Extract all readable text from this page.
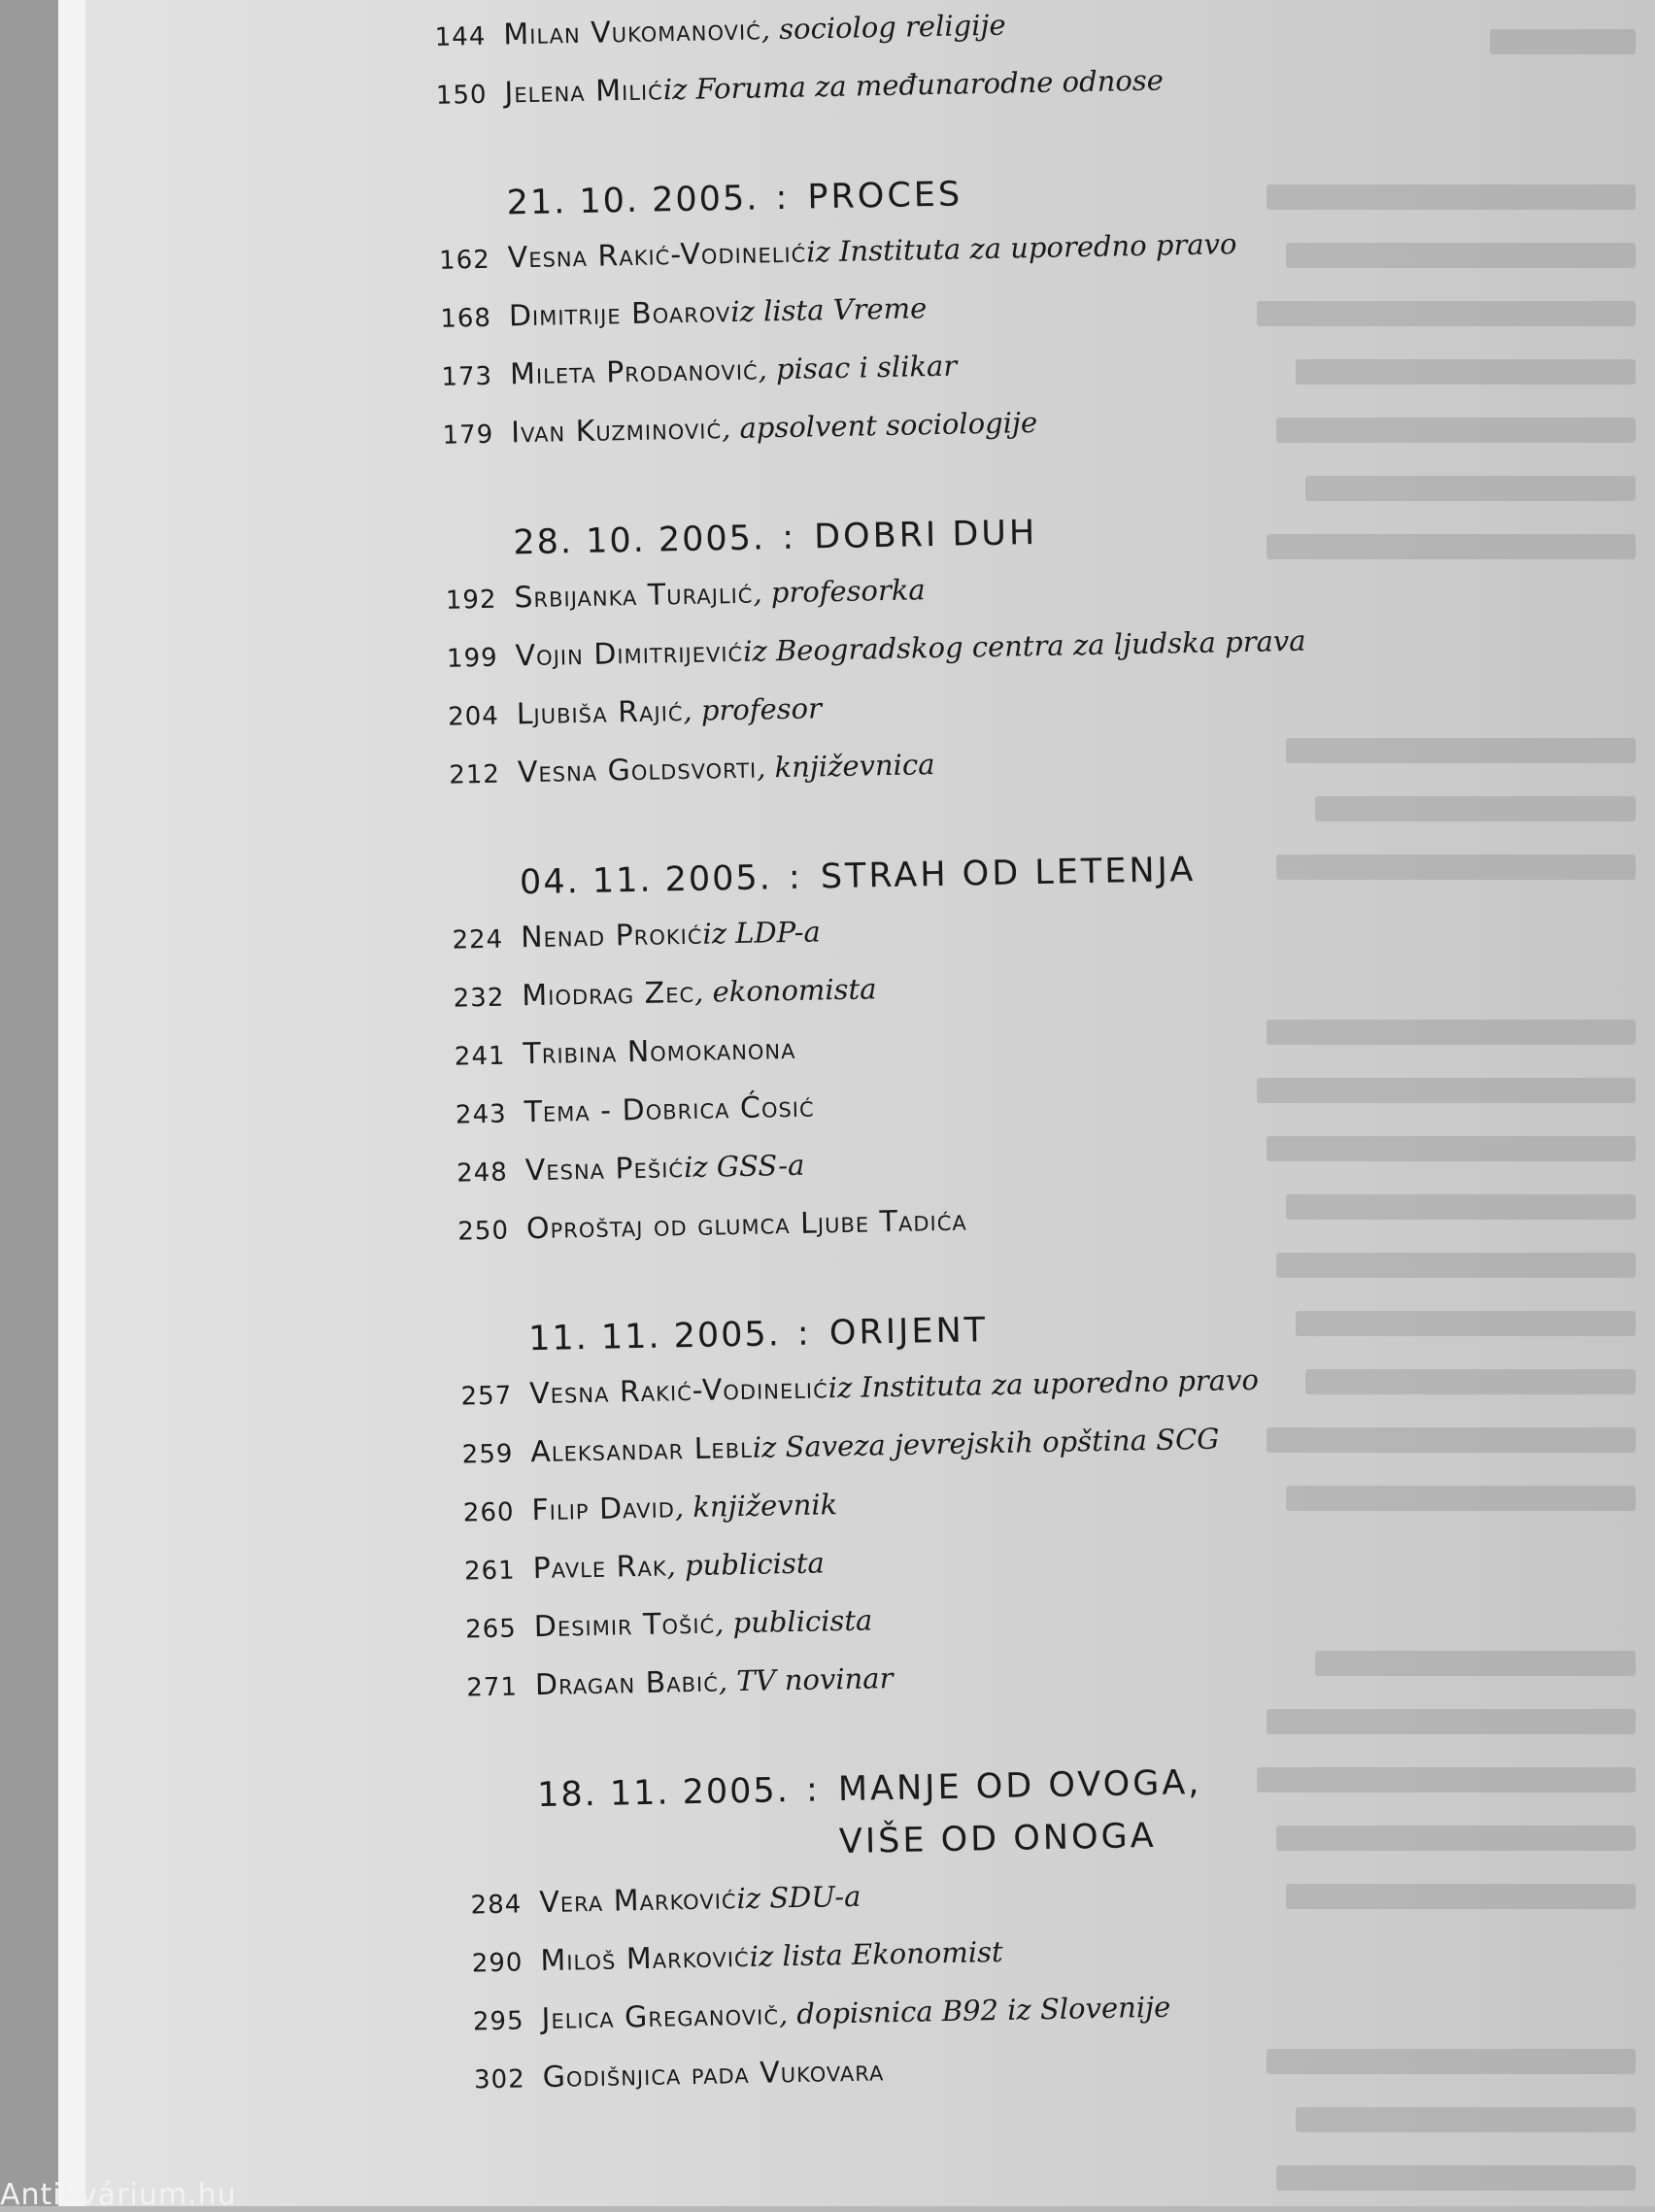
144 Milan Vukomanović , sociolog religije
150 Jelena Milić iz Foruma za međunarodne odnose
21. 10. 2005. : PROCES
162 Vesna Rakić-Vodinelić iz Instituta za uporedno pravo
168 Dimitrije Boarov iz lista Vreme
173 Mileta Prodanović , pisac i slikar
179 Ivan Kuzminović , apsolvent sociologije
28. 10. 2005. : DOBRI DUH
192 Srbijanka Turajlić , profesorka
199 Vojin Dimitrijević iz Beogradskog centra za ljudska prava
204 Ljubiša Rajić , profesor
212 Vesna Goldsvorti , književnica
04. 11. 2005. : STRAH OD LETENJA
224 Nenad Prokić iz LDP-a
232 Miodrag Zec , ekonomista
241 Tribina Nomokanona
243 Tema - Dobrica Ćosić
248 Vesna Pešić iz GSS-a
250 Oproštaj od glumca Ljube Tadića
11. 11. 2005. : ORIJENT
257 Vesna Rakić-Vodinelić iz Instituta za uporedno pravo
259 Aleksandar Lebl iz Saveza jevrejskih opština SCG
260 Filip David , književnik
261 Pavle Rak , publicista
265 Desimir Tošić , publicista
271 Dragan Babić , TV novinar
18. 11. 2005. : MANJE OD OVOGA,
VIŠE OD ONOGA
284 Vera Marković iz SDU-a
290 Miloš Marković iz lista Ekonomist
295 Jelica Greganovič , dopisnica B92 iz Slovenije
302 Godišnjica pada Vukovara
Antikvárium.hu
